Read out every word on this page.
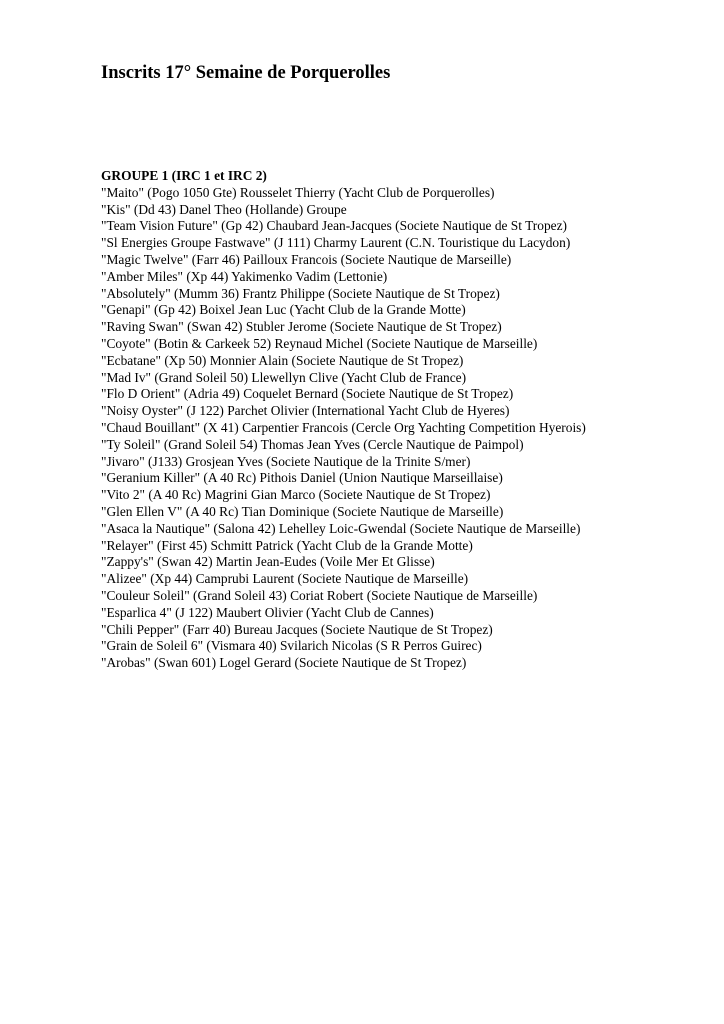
Inscrits 17° Semaine de Porquerolles
GROUPE 1 (IRC 1 et IRC 2)
"Maito" (Pogo 1050 Gte) Rousselet Thierry (Yacht Club de Porquerolles)
"Kis" (Dd 43) Danel Theo (Hollande) Groupe
"Team Vision Future" (Gp 42) Chaubard Jean-Jacques (Societe Nautique de St Tropez)
"Sl Energies Groupe Fastwave" (J 111) Charmy Laurent (C.N. Touristique du Lacydon)
"Magic Twelve" (Farr 46) Pailloux Francois (Societe Nautique de Marseille)
"Amber Miles" (Xp 44) Yakimenko Vadim (Lettonie)
"Absolutely" (Mumm 36) Frantz Philippe (Societe Nautique de St Tropez)
"Genapi" (Gp 42) Boixel Jean Luc (Yacht Club de la Grande Motte)
"Raving Swan" (Swan 42) Stubler Jerome (Societe Nautique de St Tropez)
"Coyote" (Botin & Carkeek 52) Reynaud Michel (Societe Nautique de Marseille)
"Ecbatane" (Xp 50) Monnier Alain (Societe Nautique de St Tropez)
"Mad Iv" (Grand Soleil 50) Llewellyn Clive (Yacht Club de France)
"Flo D Orient" (Adria 49) Coquelet Bernard (Societe Nautique de St Tropez)
"Noisy Oyster" (J 122) Parchet Olivier (International Yacht Club de Hyeres)
"Chaud Bouillant" (X 41) Carpentier Francois (Cercle Org Yachting Competition Hyerois)
"Ty Soleil" (Grand Soleil 54) Thomas Jean Yves (Cercle Nautique de Paimpol)
"Jivaro" (J133) Grosjean Yves (Societe Nautique de la Trinite S/mer)
"Geranium Killer" (A 40 Rc) Pithois Daniel (Union Nautique Marseillaise)
"Vito 2" (A 40 Rc) Magrini Gian Marco (Societe Nautique de St Tropez)
"Glen Ellen V" (A 40 Rc) Tian Dominique (Societe Nautique de Marseille)
"Asaca la Nautique" (Salona 42) Lehelley Loic-Gwendal (Societe Nautique de Marseille)
"Relayer" (First 45) Schmitt Patrick (Yacht Club de la Grande Motte)
"Zappy's" (Swan 42) Martin Jean-Eudes (Voile Mer Et Glisse)
"Alizee" (Xp 44) Camprubi Laurent (Societe Nautique de Marseille)
"Couleur Soleil" (Grand Soleil 43) Coriat Robert (Societe Nautique de Marseille)
"Esparlica 4" (J 122) Maubert Olivier (Yacht Club de Cannes)
"Chili Pepper" (Farr 40) Bureau Jacques (Societe Nautique de St Tropez)
"Grain de Soleil 6" (Vismara 40) Svilarich Nicolas (S R Perros Guirec)
"Arobas" (Swan 601) Logel Gerard (Societe Nautique de St Tropez)
